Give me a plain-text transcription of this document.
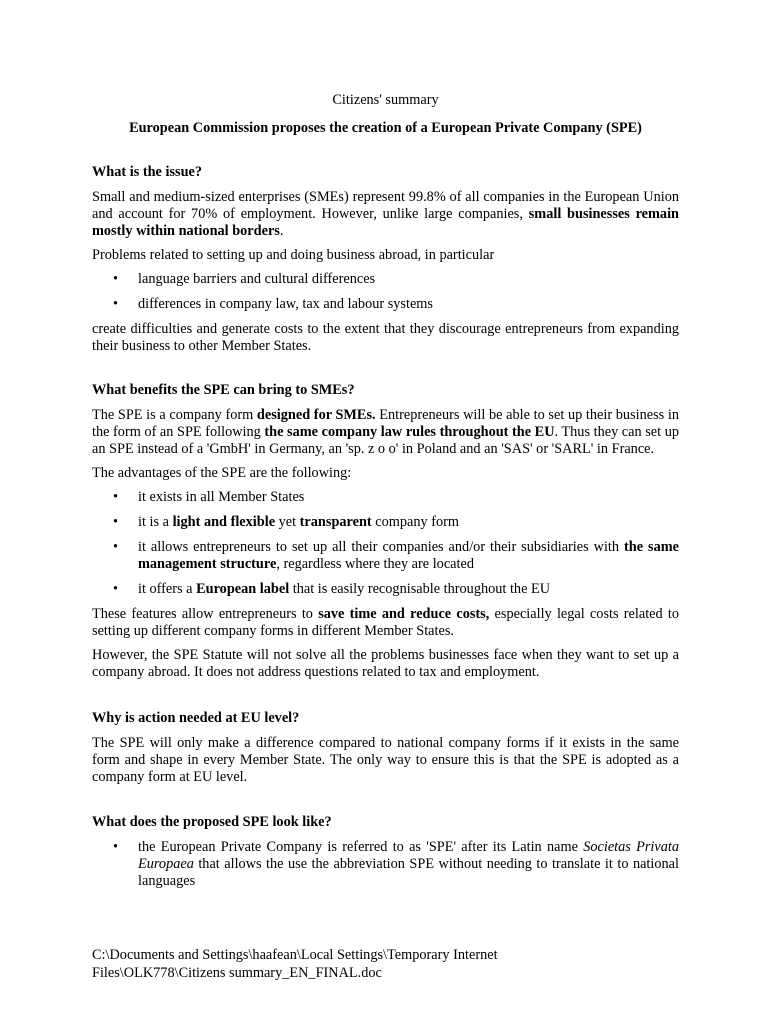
Citizens' summary
European Commission proposes the creation of a European Private Company (SPE)
What is the issue?

Small and medium-sized enterprises (SMEs) represent 99.8% of all companies in the European Union and account for 70% of employment. However, unlike large companies, small businesses remain mostly within national borders.

Problems related to setting up and doing business abroad, in particular

• language barriers and cultural differences
• differences in company law, tax and labour systems

create difficulties and generate costs to the extent that they discourage entrepreneurs from expanding their business to other Member States.

What benefits the SPE can bring to SMEs?

The SPE is a company form designed for SMEs. Entrepreneurs will be able to set up their business in the form of an SPE following the same company law rules throughout the EU. Thus they can set up an SPE instead of a 'GmbH' in Germany, an 'sp. z o o' in Poland and an 'SAS' or 'SARL' in France.

The advantages of the SPE are the following:

• it exists in all Member States
• it is a light and flexible yet transparent company form
• it allows entrepreneurs to set up all their companies and/or their subsidiaries with the same management structure, regardless where they are located
• it offers a European label that is easily recognisable throughout the EU

These features allow entrepreneurs to save time and reduce costs, especially legal costs related to setting up different company forms in different Member States.

However, the SPE Statute will not solve all the problems businesses face when they want to set up a company abroad. It does not address questions related to tax and employment.

Why is action needed at EU level?

The SPE will only make a difference compared to national company forms if it exists in the same form and shape in every Member State. The only way to ensure this is that the SPE is adopted as a company form at EU level.

What does the proposed SPE look like?
• the European Private Company is referred to as 'SPE' after its Latin name Societas Privata Europaea that allows the use the abbreviation SPE without needing to translate it to national languages
C:\Documents and Settings\haafean\Local Settings\Temporary Internet
Files\OLK778\Citizens summary_EN_FINAL.doc
